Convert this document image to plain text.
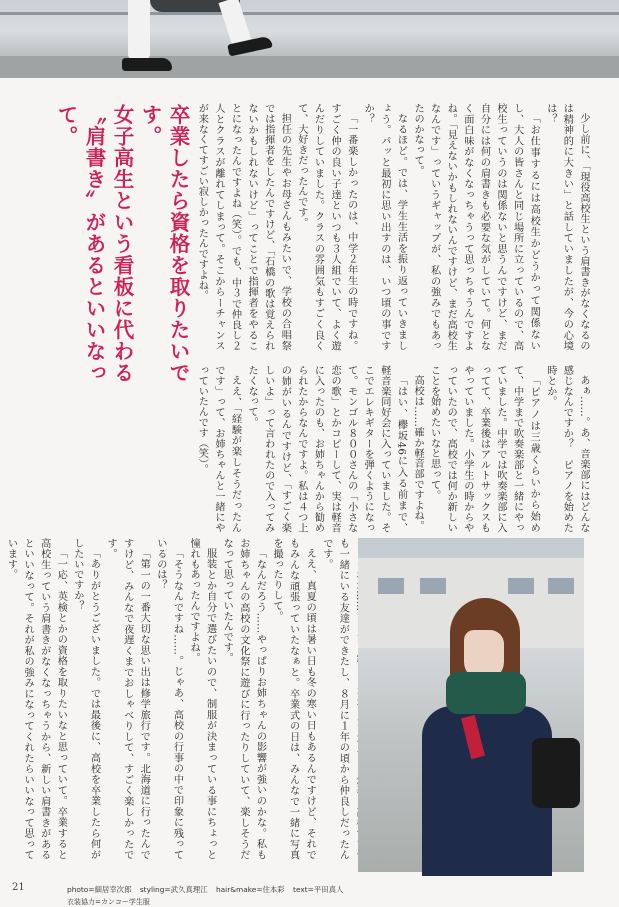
卒業したら資格を取りたいです。
女子高生という看板に代わる
〝肩書き〟があるといいなって。	少し前に、「現役高校生という肩書きがなくなるのは精神的に大きい」と話していましたが、今の心境は？

「お仕事するには高校生かどうかって関係ないし、大人の皆さんと同じ場所に立っているので、高校生っていうのは関係ないと思うんですけど、まだ自分には何の肩書きも必要な気がしていて。何となく面白味がなくなっちゃうって思っちゃうんですよね。「見えないかもしれないんですけど、まだ高校生なんです」っていうギャップが、私の強みでもあったのかなって。

なるほど。では、学生生活を振り返っていきましょう。パッと最初に思い出すのは、いつ頃の事ですか？

「一番楽しかったのは、中学２年生の時ですね。すごく仲の良い子達といつも３人組でいて、よく遊んだりしていました。クラスの雰囲気もすごく良くて、大好きだったんです。

担任の先生やお母さんもみたいで、学校の合唱祭では指揮者をしたんですけど、「石橋の歌は覚えられないかもしれないけど」ってことで指揮者をやることになったんですよね（笑）。でも、中３で仲良し２人とクラスが離れてしまって。そこからーチャンスが来なくてすごい寂しかったんですよね。

あぁ……。あ、音楽部にはどんな感じなんですか？　ピアノを始めた時とか。

「ピアノは三歳くらいから始めて、中学まで吹奏楽部と一緒にやっていました。中学では吹奏楽部に入ってて、卒業後はアルトサックスもやっていました。小学生の時からやっていたので、高校では何か新しいことを始めたいなと思って。

高校は……確か軽音部ですよね。

「はい、欅坂46に入る前まで、軽音楽同好会に入っていました。そこでエレキギターを弾くようになって。モンゴル８００さんの「小さな恋の歌」とかコピーして、実は軽音に入ったのも、お姉ちゃんから勧められたからなんですよ。私は４つ上の姉がいるんですけど、「すごく楽しいよ」って言われたので入ってみたくなって。

ええ、「経験が楽しそうだったんです」って、お姉ちゃんと一緒にやっていたんです（笑）。

も一緒にいる友達ができたし、８月に１年の頃から仲良しだったんです。

ええ、真夏の頃は暑い日も冬の寒い日もあるんですけど、それでもみんな頑張っていたなぁと。卒業式の日は、みんなで一緒に写真を撮ったりして。

「なんだろう……やっぱりお姉ちゃんの影響が強いのかな。私もお姉ちゃんの高校の文化祭に遊びに行ったりしていて、楽しそうだなって思っていたんです。

服装とか自分で選びたいので、制服が決まっている事にちょっと憧れもあったんですよね。

「そうなんですね……。じゃあ、高校の行事の中で印象に残っているのは？

「第一の一番大切な思い出は修学旅行です。北海道に行ったんですけど、みんなで夜遅くまでおしゃべりして、すごく楽しかったです。

「ありがとうございました。では最後に、高校を卒業したら何がしたいですか？

「一応、英検とかの資格を取りたいなと思っていて。卒業すると高校生っていう肩書きがなくなっちゃうから、新しい肩書きがあるといいなって。それが私の強みになってくれたらいいなって思っています。

21	photo=細居幸次郎 styling=武久真理江 hair&make=住本彩 text=平田真人
衣装協力=カンコー学生服
